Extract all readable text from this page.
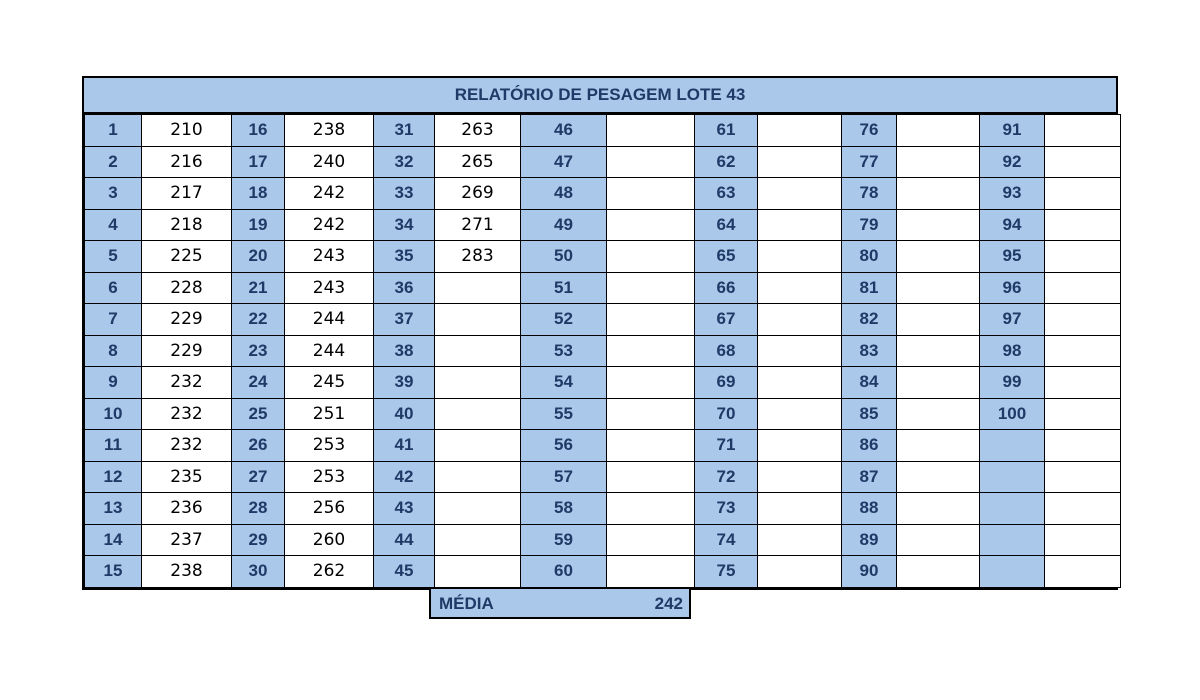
RELATÓRIO DE PESAGEM LOTE 43
1	210	16	238	31	263	46		61		76		91	
2	216	17	240	32	265	47		62		77		92	
3	217	18	242	33	269	48		63		78		93	
4	218	19	242	34	271	49		64		79		94	
5	225	20	243	35	283	50		65		80		95	
6	228	21	243	36		51		66		81		96	
7	229	22	244	37		52		67		82		97	
8	229	23	244	38		53		68		83		98	
9	232	24	245	39		54		69		84		99	
10	232	25	251	40		55		70		85		100	
11	232	26	253	41		56		71		86			
12	235	27	253	42		57		72		87			
13	236	28	256	43		58		73		88			
14	237	29	260	44		59		74		89			
15	238	30	262	45		60		75		90			
MÉDIA	242
